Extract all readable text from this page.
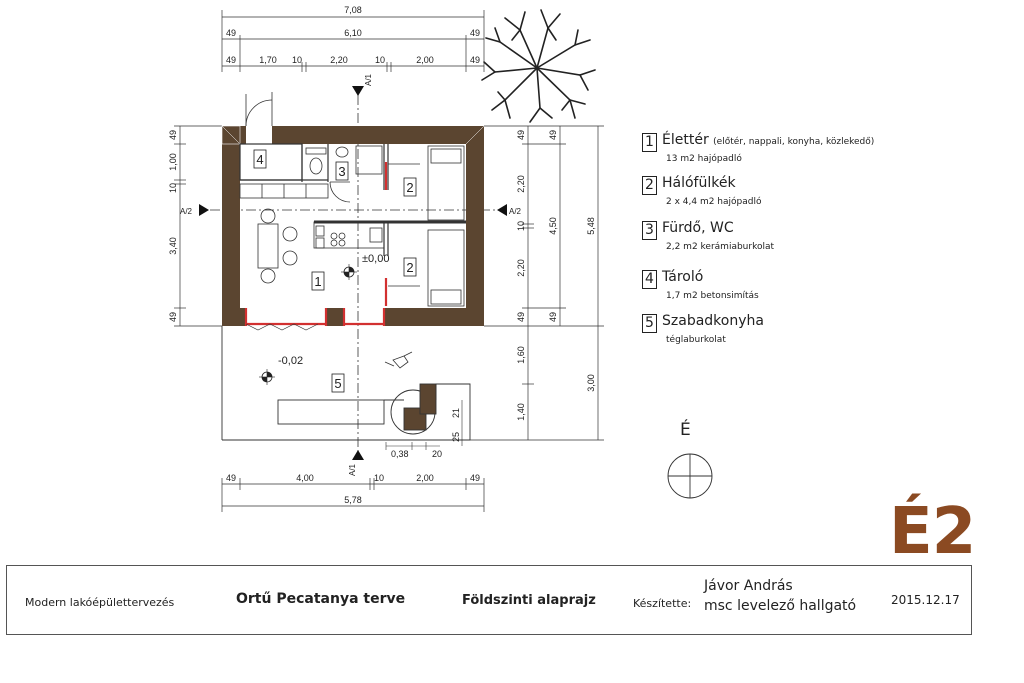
7,08
49	6,10	49
49	1,70 10	2,20	10	2,00	49
49	4,00	10	2,00	49
5,78
49
1,00
10
3,40
49
49
2,20
10
2,20
49
1,60
1,40
49
4,50
49
5,48
3,00
A/1
A/1
A/2	A/2
±0,00
-0,02
4
3
2
2
1
5
0,38	20
21
25
1 Élettér (előtér, nappali, konyha, közlekedő)
13 m2 hajópadló
2 Hálófülkék
2 x 4,4 m2 hajópadló
3 Fürdő, WC
2,2 m2 kerámiaburkolat
4 Tároló
1,7 m2 betonsimítás
5 Szabadkonyha
téglaburkolat
É
É2
Modern lakóépülettervezés	Ortű Pecatanya terve	Földszinti alaprajz	Készítette:
Jávor András
msc levelező hallgató	2015.12.17
